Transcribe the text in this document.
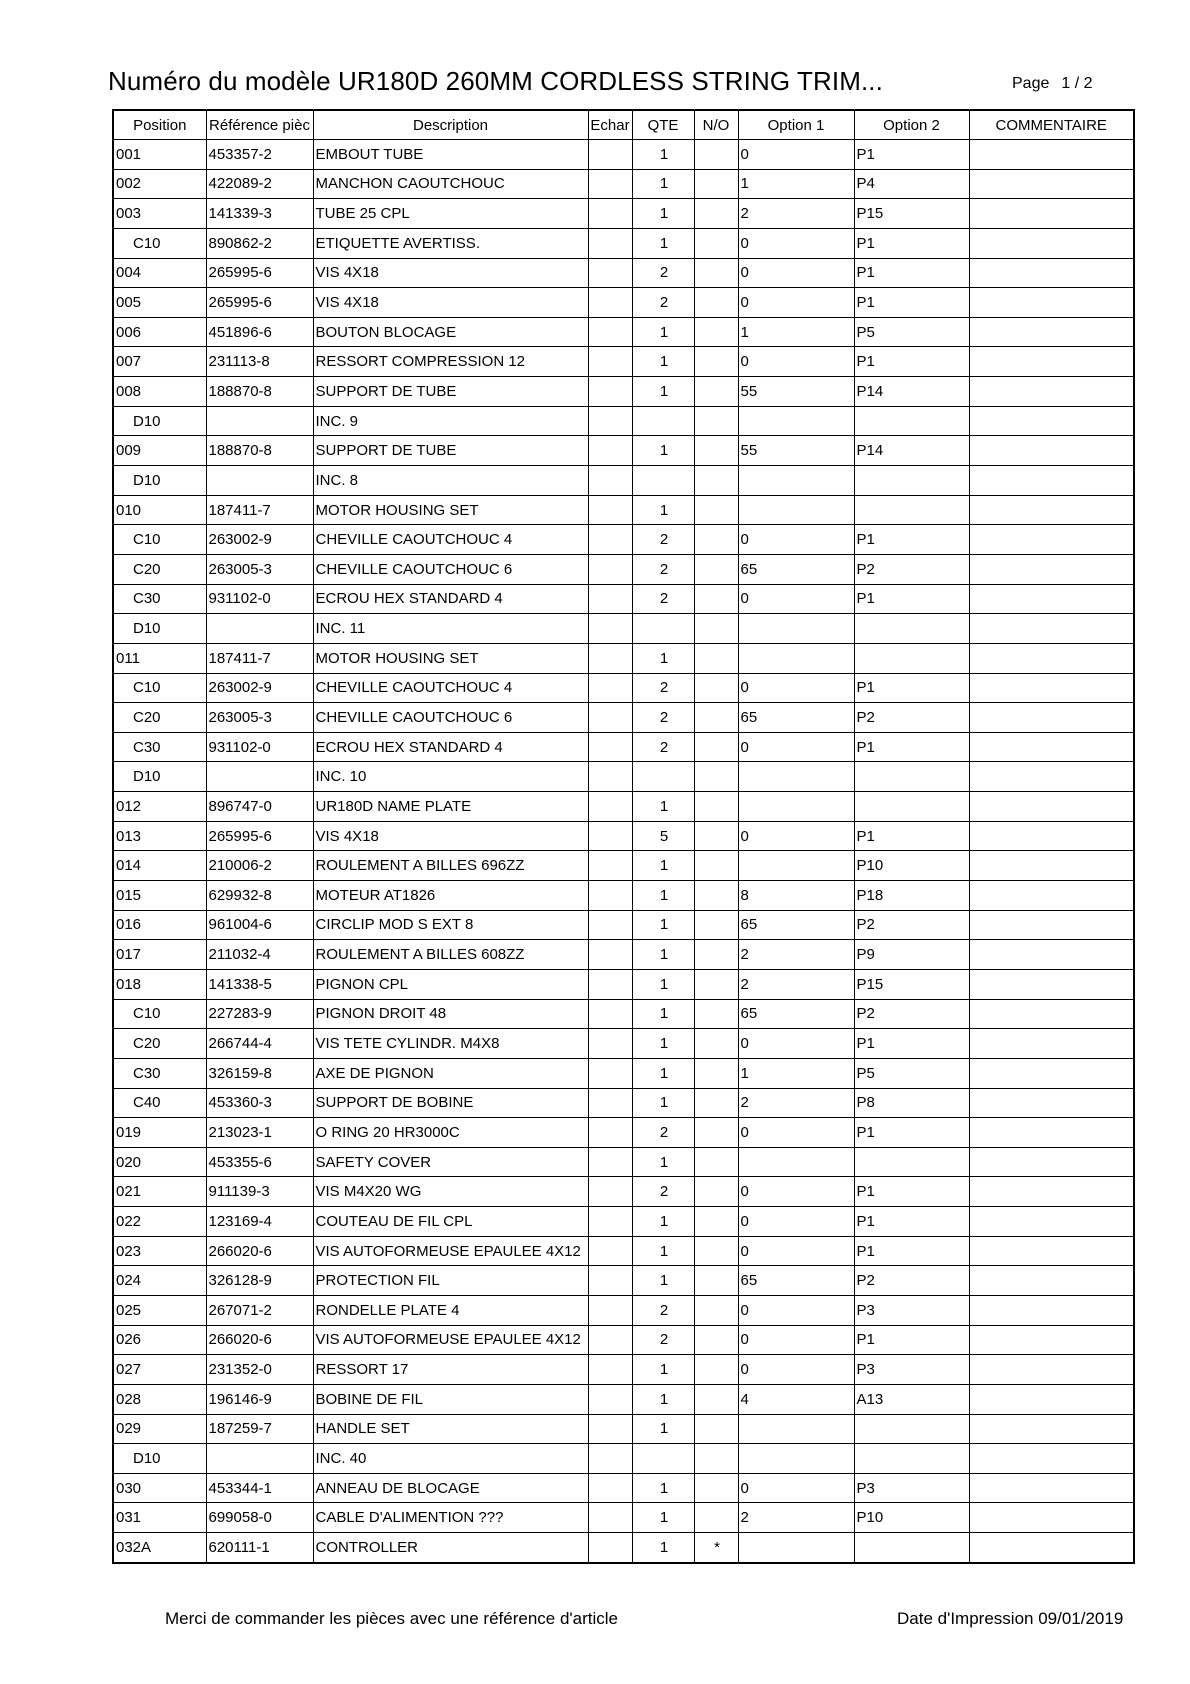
Numéro du modèle UR180D 260MM CORDLESS STRING TRIM...	Page 1 / 2
Position	Référence pièc	Description	Echar	QTE	N/O	Option 1	Option 2	COMMENTAIRE
001	453357-2	EMBOUT TUBE		1		0	P1	
002	422089-2	MANCHON CAOUTCHOUC		1		1	P4	
003	141339-3	TUBE 25 CPL		1		2	P15	
C10	890862-2	ETIQUETTE AVERTISS.		1		0	P1	
004	265995-6	VIS 4X18		2		0	P1	
005	265995-6	VIS 4X18		2		0	P1	
006	451896-6	BOUTON BLOCAGE		1		1	P5	
007	231113-8	RESSORT COMPRESSION 12		1		0	P1	
008	188870-8	SUPPORT DE TUBE		1		55	P14	
D10		INC. 9						
009	188870-8	SUPPORT DE TUBE		1		55	P14	
D10		INC. 8						
010	187411-7	MOTOR HOUSING SET		1				
C10	263002-9	CHEVILLE CAOUTCHOUC 4		2		0	P1	
C20	263005-3	CHEVILLE CAOUTCHOUC 6		2		65	P2	
C30	931102-0	ECROU HEX STANDARD 4		2		0	P1	
D10		INC. 11						
011	187411-7	MOTOR HOUSING SET		1				
C10	263002-9	CHEVILLE CAOUTCHOUC 4		2		0	P1	
C20	263005-3	CHEVILLE CAOUTCHOUC 6		2		65	P2	
C30	931102-0	ECROU HEX STANDARD 4		2		0	P1	
D10		INC. 10						
012	896747-0	UR180D NAME PLATE		1				
013	265995-6	VIS 4X18		5		0	P1	
014	210006-2	ROULEMENT A BILLES 696ZZ		1			P10	
015	629932-8	MOTEUR AT1826		1		8	P18	
016	961004-6	CIRCLIP MOD S EXT 8		1		65	P2	
017	211032-4	ROULEMENT A BILLES 608ZZ		1		2	P9	
018	141338-5	PIGNON CPL		1		2	P15	
C10	227283-9	PIGNON DROIT 48		1		65	P2	
C20	266744-4	VIS TETE CYLINDR. M4X8		1		0	P1	
C30	326159-8	AXE DE PIGNON		1		1	P5	
C40	453360-3	SUPPORT DE BOBINE		1		2	P8	
019	213023-1	O RING 20 HR3000C		2		0	P1	
020	453355-6	SAFETY COVER		1				
021	911139-3	VIS M4X20 WG		2		0	P1	
022	123169-4	COUTEAU DE FIL CPL		1		0	P1	
023	266020-6	VIS AUTOFORMEUSE EPAULEE 4X12		1		0	P1	
024	326128-9	PROTECTION FIL		1		65	P2	
025	267071-2	RONDELLE PLATE 4		2		0	P3	
026	266020-6	VIS AUTOFORMEUSE EPAULEE 4X12		2		0	P1	
027	231352-0	RESSORT 17		1		0	P3	
028	196146-9	BOBINE DE FIL		1		4	A13	
029	187259-7	HANDLE SET		1				
D10		INC. 40						
030	453344-1	ANNEAU DE BLOCAGE		1		0	P3	
031	699058-0	CABLE D'ALIMENTION ???		1		2	P10	
032A	620111-1	CONTROLLER		1	*			
Merci de commander les pièces avec une référence d'article	Date d'Impression 09/01/2019
